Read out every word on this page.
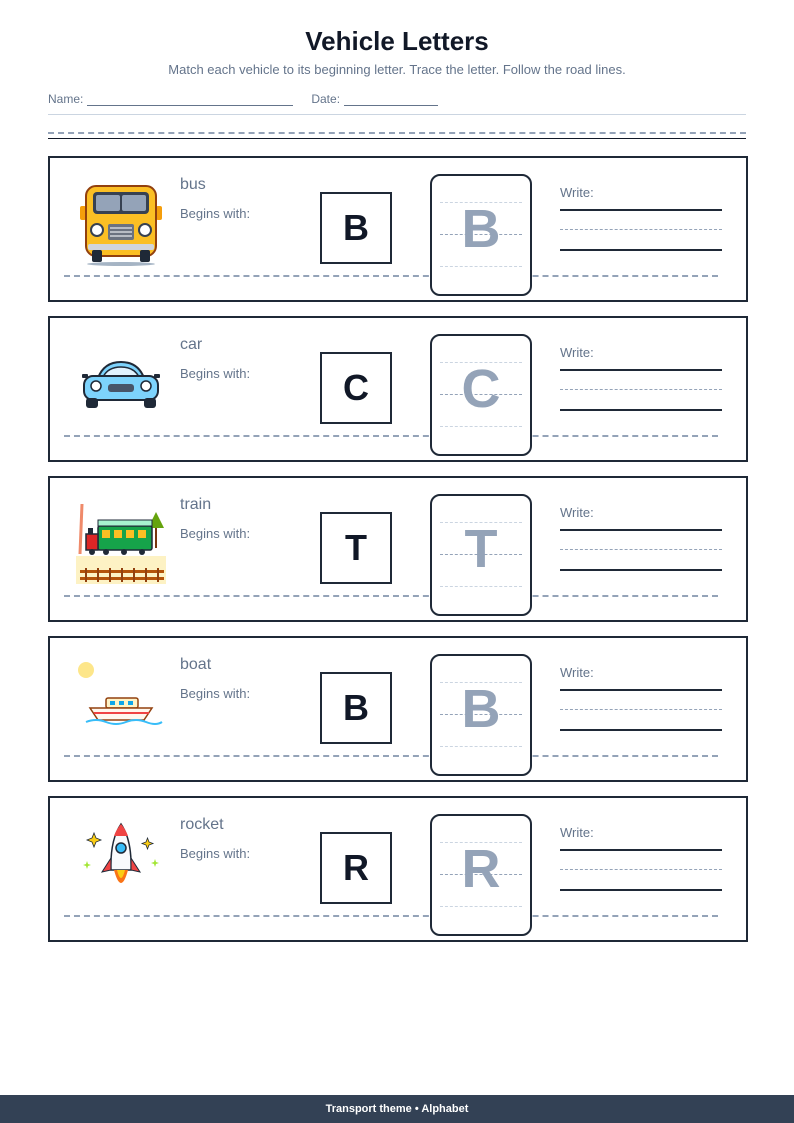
Vehicle Letters
Match each vehicle to its beginning letter. Trace the letter. Follow the road lines.
Name:	Date:
bus
Begins with:	B	B
Write:
car
Begins with:	C	C
Write:
train
Begins with:	T	T
Write:
boat
Begins with:	B	B
Write:
rocket
Begins with:	R	R
Write:
Transport theme • Alphabet
